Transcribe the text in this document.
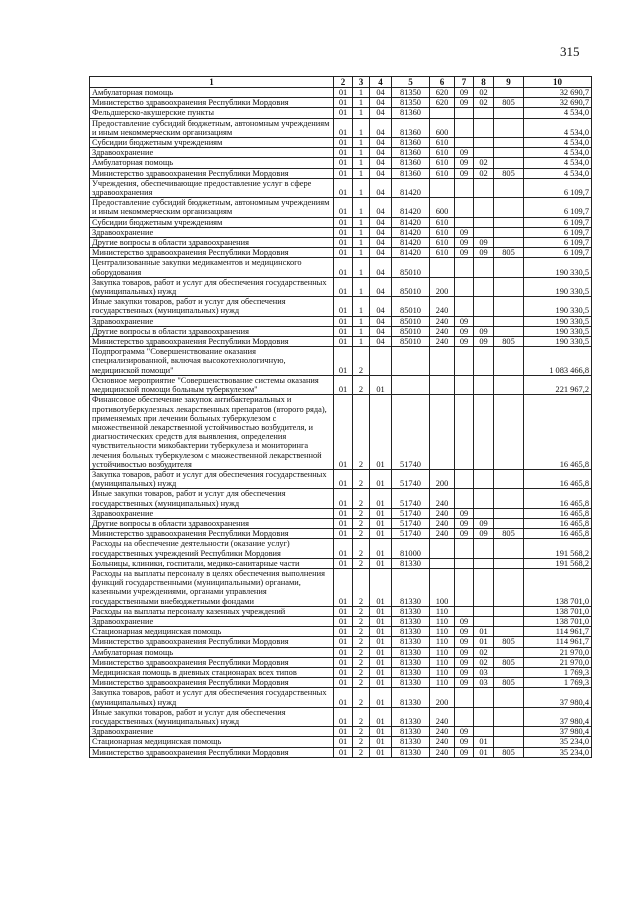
315
1	2	3	4	5	6	7	8	9	10
Амбулаторная помощь	01	1	04	81350	620	09	02		32 690,7
Министерство здравоохранения Республики Мордовия	01	1	04	81350	620	09	02	805	32 690,7
Фельдшерско-акушерские пункты	01	1	04	81360					4 534,0
Предоставление субсидий бюджетным, автономным учреждениям и иным некоммерческим организациям	01	1	04	81360	600				4 534,0
Субсидии бюджетным учреждениям	01	1	04	81360	610				4 534,0
Здравоохранение	01	1	04	81360	610	09			4 534,0
Амбулаторная помощь	01	1	04	81360	610	09	02		4 534,0
Министерство здравоохранения Республики Мордовия	01	1	04	81360	610	09	02	805	4 534,0
Учреждения, обеспечивающие предоставление услуг в сфере здравоохранения	01	1	04	81420					6 109,7
Предоставление субсидий бюджетным, автономным учреждениям и иным некоммерческим организациям	01	1	04	81420	600				6 109,7
Субсидии бюджетным учреждениям	01	1	04	81420	610				6 109,7
Здравоохранение	01	1	04	81420	610	09			6 109,7
Другие вопросы в области здравоохранения	01	1	04	81420	610	09	09		6 109,7
Министерство здравоохранения Республики Мордовия	01	1	04	81420	610	09	09	805	6 109,7
Централизованные закупки медикаментов и медицинского оборудования	01	1	04	85010					190 330,5
Закупка товаров, работ и услуг для обеспечения государственных (муниципальных) нужд	01	1	04	85010	200				190 330,5
Иные закупки товаров, работ и услуг для обеспечения государственных (муниципальных) нужд	01	1	04	85010	240				190 330,5
Здравоохранение	01	1	04	85010	240	09			190 330,5
Другие вопросы в области здравоохранения	01	1	04	85010	240	09	09		190 330,5
Министерство здравоохранения Республики Мордовия	01	1	04	85010	240	09	09	805	190 330,5
Подпрограмма "Совершенствование оказания специализированной, включая высокотехнологичную, медицинской помощи"	01	2							1 083 466,8
Основное мероприятие "Совершенствование системы оказания медицинской помощи больным туберкулезом"	01	2	01						221 967,2
Финансовое обеспечение закупок антибактериальных и противотуберкулезных лекарственных препаратов (второго ряда), применяемых при лечении больных туберкулезом с множественной лекарственной устойчивостью возбудителя, и диагностических средств для выявления, определения чувствительности микобактерии туберкулеза и мониторинга лечения больных туберкулезом с множественной лекарственной устойчивостью возбудителя	01	2	01	51740					16 465,8
Закупка товаров, работ и услуг для обеспечения государственных (муниципальных) нужд	01	2	01	51740	200				16 465,8
Иные закупки товаров, работ и услуг для обеспечения государственных (муниципальных) нужд	01	2	01	51740	240				16 465,8
Здравоохранение	01	2	01	51740	240	09			16 465,8
Другие вопросы в области здравоохранения	01	2	01	51740	240	09	09		16 465,8
Министерство здравоохранения Республики Мордовия	01	2	01	51740	240	09	09	805	16 465,8
Расходы на обеспечение деятельности (оказание услуг) государственных учреждений Республики Мордовия	01	2	01	81000					191 568,2
Больницы, клиники, госпитали, медико-санитарные части	01	2	01	81330					191 568,2
Расходы на выплаты персоналу в целях обеспечения выполнения функций государственными (муниципальными) органами, казенными учреждениями, органами управления государственными внебюджетными фондами	01	2	01	81330	100				138 701,0
Расходы на выплаты персоналу казенных учреждений	01	2	01	81330	110				138 701,0
Здравоохранение	01	2	01	81330	110	09			138 701,0
Стационарная медицинская помощь	01	2	01	81330	110	09	01		114 961,7
Министерство здравоохранения Республики Мордовия	01	2	01	81330	110	09	01	805	114 961,7
Амбулаторная помощь	01	2	01	81330	110	09	02		21 970,0
Министерство здравоохранения Республики Мордовия	01	2	01	81330	110	09	02	805	21 970,0
Медицинская помощь в дневных стационарах всех типов	01	2	01	81330	110	09	03		1 769,3
Министерство здравоохранения Республики Мордовия	01	2	01	81330	110	09	03	805	1 769,3
Закупка товаров, работ и услуг для обеспечения государственных (муниципальных) нужд	01	2	01	81330	200				37 980,4
Иные закупки товаров, работ и услуг для обеспечения государственных (муниципальных) нужд	01	2	01	81330	240				37 980,4
Здравоохранение	01	2	01	81330	240	09			37 980,4
Стационарная медицинская помощь	01	2	01	81330	240	09	01		35 234,0
Министерство здравоохранения Республики Мордовия	01	2	01	81330	240	09	01	805	35 234,0
